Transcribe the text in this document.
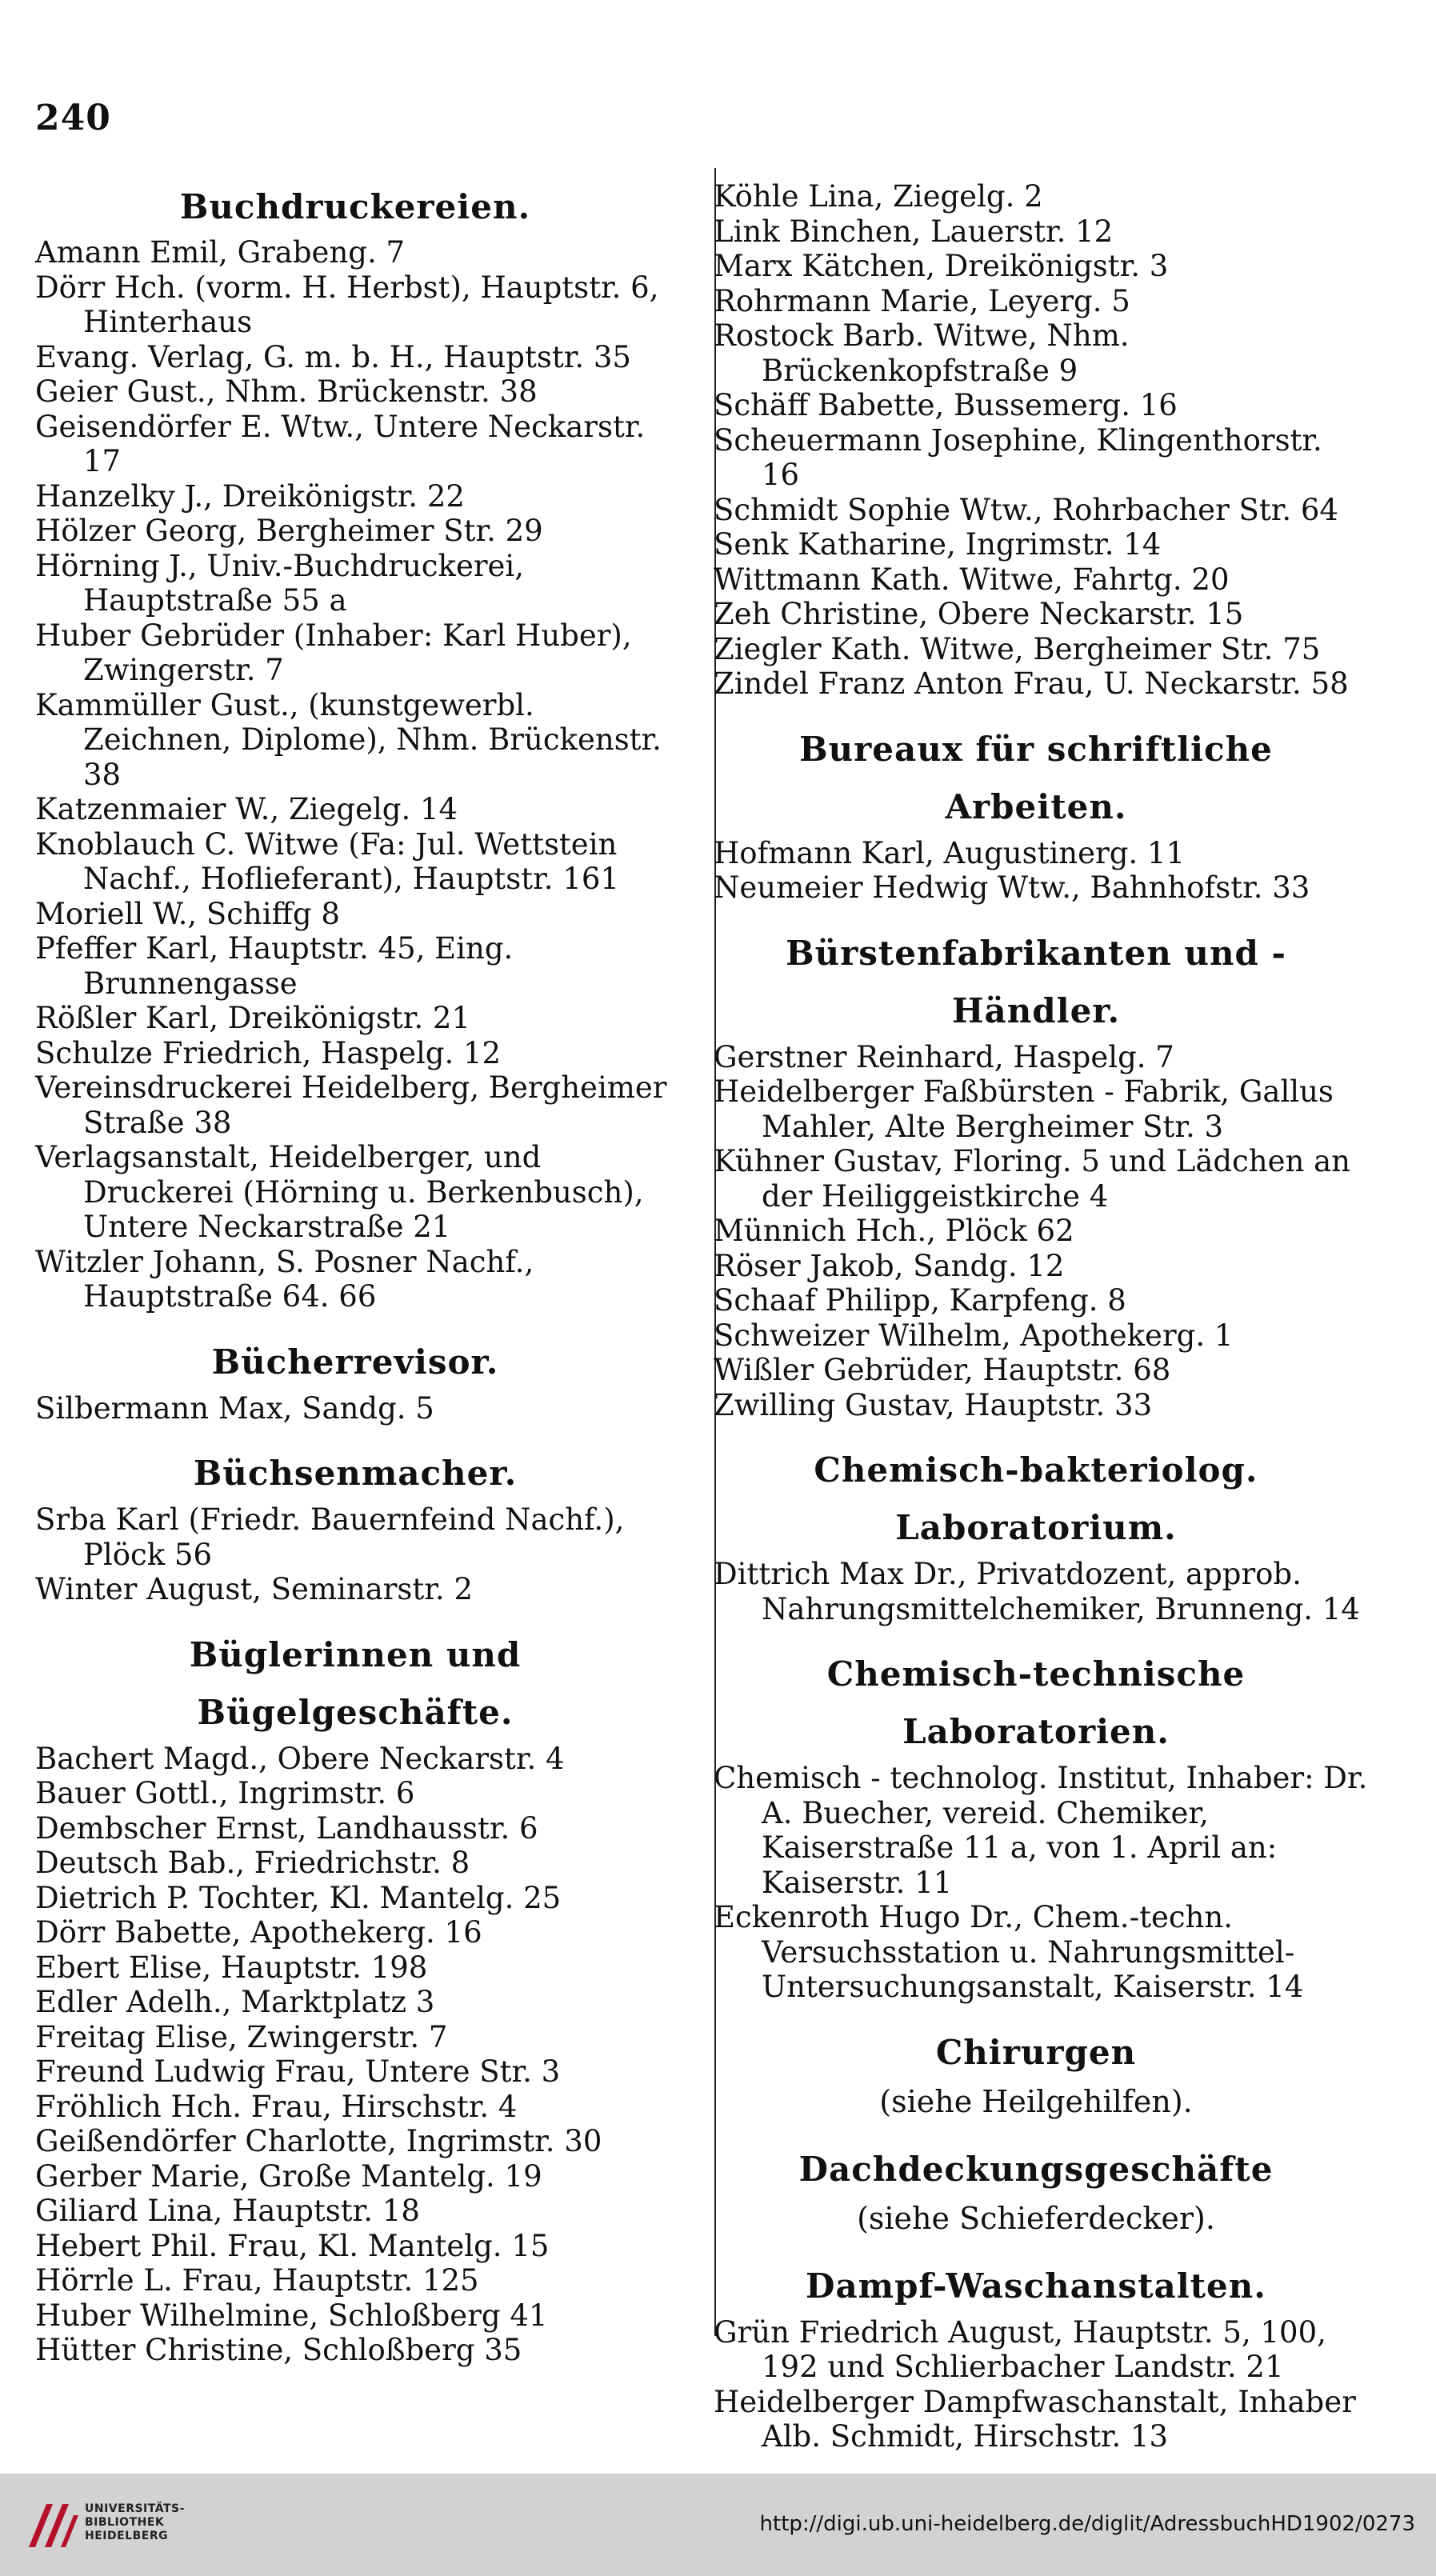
240
Buchdruckereien.
Amann Emil, Grabeng. 7
Dörr Hch. (vorm. H. Herbst), Hauptstr. 6, Hinterhaus
Evang. Verlag, G. m. b. H., Hauptstr. 35
Geier Gust., Nhm. Brückenstr. 38
Geisendörfer E. Wtw., Untere Neckarstr. 17
Hanzelky J., Dreikönigstr. 22
Hölzer Georg, Bergheimer Str. 29
Hörning J., Univ.-Buchdruckerei, Hauptstraße 55 a
Huber Gebrüder (Inhaber: Karl Huber), Zwingerstr. 7
Kammüller Gust., (kunstgewerbl. Zeichnen, Diplome), Nhm. Brückenstr. 38
Katzenmaier W., Ziegelg. 14
Knoblauch C. Witwe (Fa: Jul. Wettstein Nachf., Hoflieferant), Hauptstr. 161
Moriell W., Schiffg 8
Pfeffer Karl, Hauptstr. 45, Eing. Brunnengasse
Rößler Karl, Dreikönigstr. 21
Schulze Friedrich, Haspelg. 12
Vereinsdruckerei Heidelberg, Bergheimer Straße 38
Verlagsanstalt, Heidelberger, und Druckerei (Hörning u. Berkenbusch), Untere Neckarstraße 21
Witzler Johann, S. Posner Nachf., Hauptstraße 64. 66
Bücherrevisor.
Silbermann Max, Sandg. 5
Büchsenmacher.
Srba Karl (Friedr. Bauernfeind Nachf.), Plöck 56
Winter August, Seminarstr. 2
Büglerinnen und Bügelgeschäfte.
Bachert Magd., Obere Neckarstr. 4
Bauer Gottl., Ingrimstr. 6
Dembscher Ernst, Landhausstr. 6
Deutsch Bab., Friedrichstr. 8
Dietrich P. Tochter, Kl. Mantelg. 25
Dörr Babette, Apothekerg. 16
Ebert Elise, Hauptstr. 198
Edler Adelh., Marktplatz 3
Freitag Elise, Zwingerstr. 7
Freund Ludwig Frau, Untere Str. 3
Fröhlich Hch. Frau, Hirschstr. 4
Geißendörfer Charlotte, Ingrimstr. 30
Gerber Marie, Große Mantelg. 19
Giliard Lina, Hauptstr. 18
Hebert Phil. Frau, Kl. Mantelg. 15
Hörrle L. Frau, Hauptstr. 125
Huber Wilhelmine, Schloßberg 41
Hütter Christine, Schloßberg 35
Köhle Lina, Ziegelg. 2
Link Binchen, Lauerstr. 12
Marx Kätchen, Dreikönigstr. 3
Rohrmann Marie, Leyerg. 5
Rostock Barb. Witwe, Nhm. Brückenkopfstraße 9
Schäff Babette, Bussemerg. 16
Scheuermann Josephine, Klingenthorstr. 16
Schmidt Sophie Wtw., Rohrbacher Str. 64
Senk Katharine, Ingrimstr. 14
Wittmann Kath. Witwe, Fahrtg. 20
Zeh Christine, Obere Neckarstr. 15
Ziegler Kath. Witwe, Bergheimer Str. 75
Zindel Franz Anton Frau, U. Neckarstr. 58
Bureaux für schriftliche Arbeiten.
Hofmann Karl, Augustinerg. 11
Neumeier Hedwig Wtw., Bahnhofstr. 33
Bürstenfabrikanten und -Händler.
Gerstner Reinhard, Haspelg. 7
Heidelberger Faßbürsten - Fabrik, Gallus Mahler, Alte Bergheimer Str. 3
Kühner Gustav, Floring. 5 und Lädchen an der Heiliggeistkirche 4
Münnich Hch., Plöck 62
Röser Jakob, Sandg. 12
Schaaf Philipp, Karpfeng. 8
Schweizer Wilhelm, Apothekerg. 1
Wißler Gebrüder, Hauptstr. 68
Zwilling Gustav, Hauptstr. 33
Chemisch-bakteriolog. Laboratorium.
Dittrich Max Dr., Privatdozent, approb. Nahrungsmittelchemiker, Brunneng. 14
Chemisch-technische Laboratorien.
Chemisch - technolog. Institut, Inhaber: Dr. A. Buecher, vereid. Chemiker, Kaiserstraße 11 a, von 1. April an: Kaiserstr. 11
Eckenroth Hugo Dr., Chem.-techn. Versuchsstation u. Nahrungsmittel-Untersuchungsanstalt, Kaiserstr. 14
Chirurgen
(siehe Heilgehilfen).
Dachdeckungsgeschäfte
(siehe Schieferdecker).
Dampf-Waschanstalten.
Grün Friedrich August, Hauptstr. 5, 100, 192 und Schlierbacher Landstr. 21
Heidelberger Dampfwaschanstalt, Inhaber Alb. Schmidt, Hirschstr. 13
UNIVERSITÄTS-
BIBLIOTHEK
HEIDELBERG	http://digi.ub.uni-heidelberg.de/diglit/AdressbuchHD1902/0273
